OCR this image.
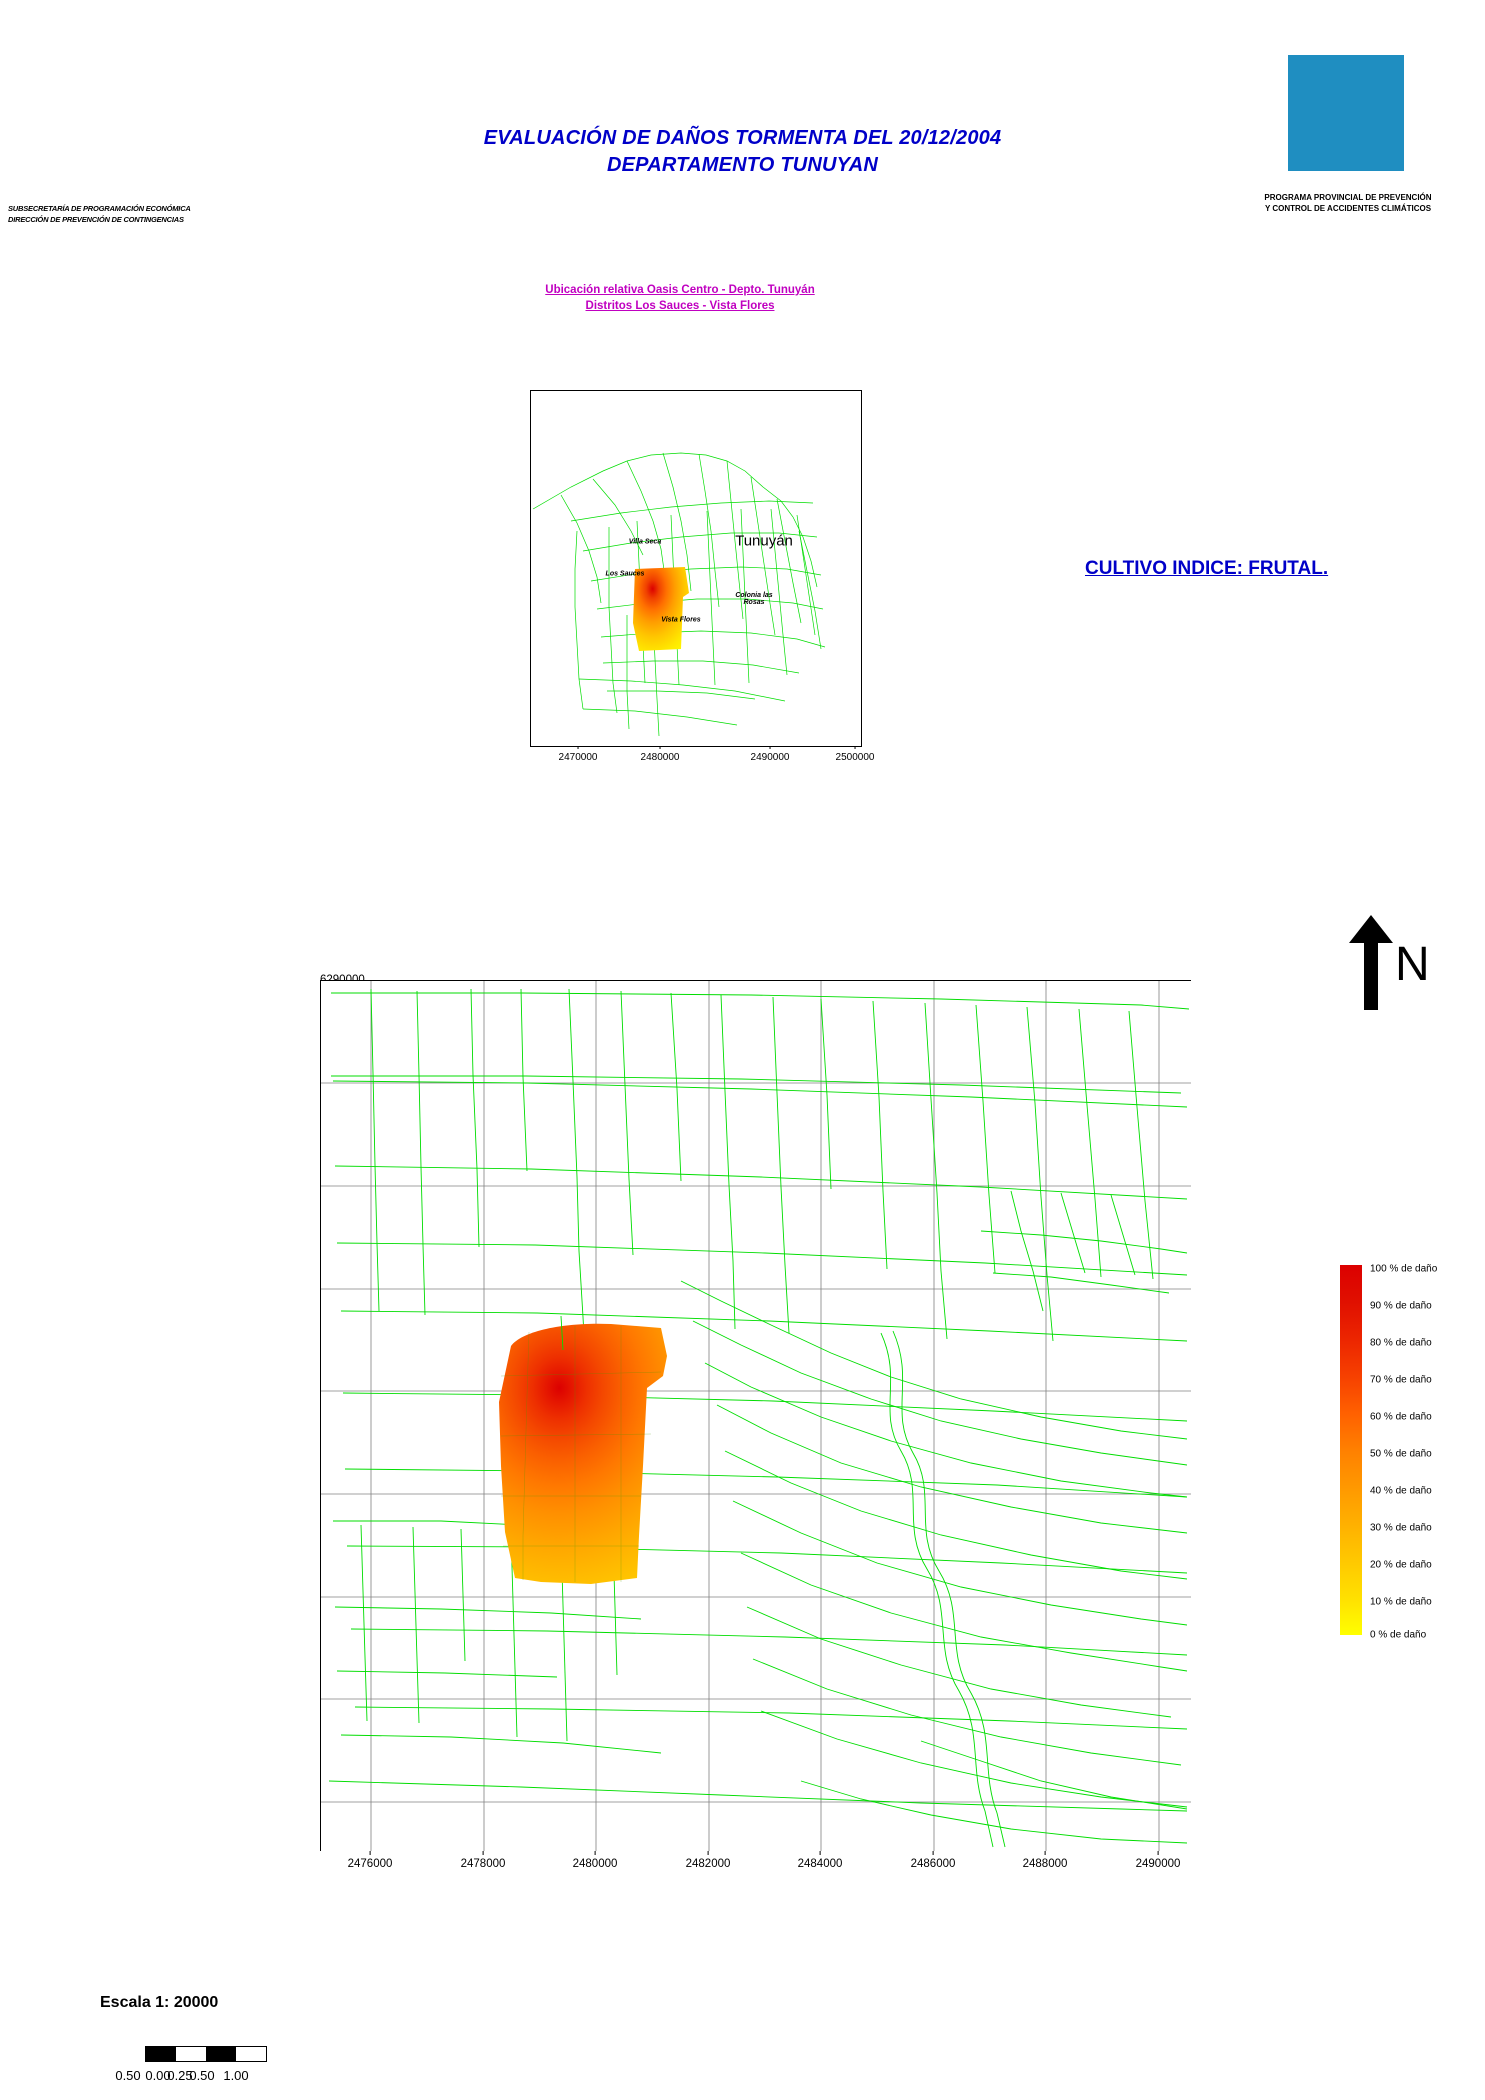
EVALUACIÓN DE DAÑOS TORMENTA DEL 20/12/2004
DEPARTAMENTO TUNUYAN
SUBSECRETARÍA DE PROGRAMACIÓN ECONÓMICA
DIRECCIÓN DE PREVENCIÓN DE CONTINGENCIAS
PROGRAMA PROVINCIAL DE PREVENCIÓN
Y CONTROL DE ACCIDENTES CLIMÁTICOS
Ubicación relativa Oasis Centro - Depto. Tunuyán
Distritos Los Sauces - Vista Flores
2470000	2480000	2490000	2500000
Villa Seca
Los Sauces
Vista Flores
Colonia las Rosas
Tunuyán
CULTIVO INDICE: FRUTAL.
N
2476000	2478000	2480000	2482000	2484000	2486000	2488000	2490000
100 % de daño
90 % de daño
80 % de daño
70 % de daño
60 % de daño
50 % de daño
40 % de daño
30 % de daño
20 % de daño
10 % de daño
0 % de daño
Escala 1: 20000
0.50 0.00
0.25
0.50 1.00
